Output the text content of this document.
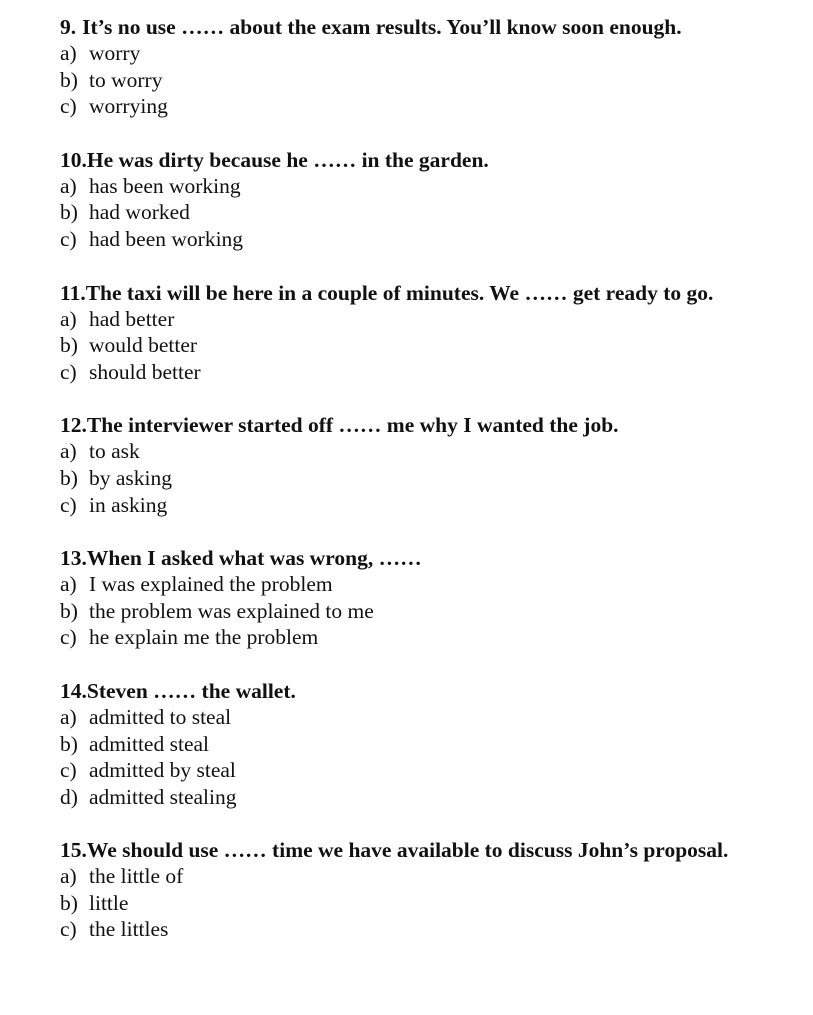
9. It’s no use …… about the exam results. You’ll know soon enough.
a) worry
b) to worry
c) worrying
10. He was dirty because he …… in the garden.
a) has been working
b) had worked
c) had been working
11. The taxi will be here in a couple of minutes. We …… get ready to go.
a) had better
b) would better
c) should better
12. The interviewer started off …… me why I wanted the job.
a) to ask
b) by asking
c) in asking
13. When I asked what was wrong, ……
a) I was explained the problem
b) the problem was explained to me
c) he explain me the problem
14. Steven …… the wallet.
a) admitted to steal
b) admitted steal
c) admitted by steal
d) admitted stealing
15. We should use …… time we have available to discuss John’s proposal.
a) the little of
b) little
c) the littles
